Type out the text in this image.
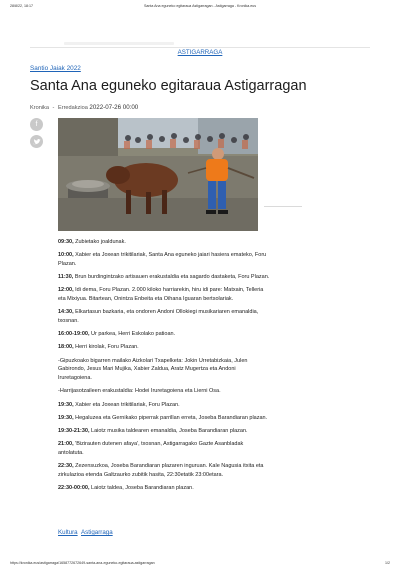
28/8/22, 18:17	Santa Ana eguneko egitaraua Astigarragan - Astigarraga - Kronika.eus
ASTIGARRAGA
Santio Jaiak 2022
Santa Ana eguneko egitaraua Astigarragan
Kronika - Erredakzioa 2022-07-26 00:00
f

09:30, Zubietako joaldunak.

10:00, Xabier eta Joxean trikitilariak, Santa Ana eguneko jaiari hasiera emateko, Foru Plazan.

11:30, Brun burdingintzako artisauen erakustaldia eta sagardo dastaketa, Foru Plazan.

12:00, Idi dema, Foru Plazan. 2.000 kiloko harriarekin, hiru idi pare: Matxain, Telleria eta Mixiyua. Bitartean, Onintza Enbeita eta Oihana Iguaran bertsolariak.

14:30, Elkartasun bazkaria, eta ondoren Andoni Ollokiegi musikariaren emanaldia, txosnan.

16:00-19:00, Ur parkea, Herri Eskolako patioan.

18:00, Herri kirolak, Foru Plazan.

-Gipuzkoako bigarren mailako Aizkolari Txapelketa: Jokin Urretabizkaia, Julen Gabirondo, Jesus Mari Mujika, Xabier Zaldua, Aratz Mugertza eta Andoni Iruretagoiena.

-Harrijasotzaileen erakustaldia: Hodei Iruretagoiena eta Lierni Osa.

19:30, Xabier eta Joxean trikitilariak, Foru Plazan.

19:30, Hegaluzea eta Gernikako piperrak parrillan erreta, Joseba Barandiaran plazan.

19:30-21:30, Laiotz musika taldearen emanaldia, Joseba Barandiaran plazan.

21:00, 'Bizirauten dutenen afaya', txosnan, Astigarragako Gazte Asanbladak antolatuta.

22:30, Zezensuzkoa, Joseba Barandiaran plazaren inguruan. Kale Nagusia itxita eta zirkulazioa etenda Galtzaurko zubitik hasita, 22:30etatik 23:00etara.

22:30-00:00, Laiotz taldea, Joseba Barandiaran plazan.

Kultura Astigarraga
https://kronika.eus/astigarraga/1658772672649-santa-ana-eguneko-egitaraua-astigarragan	1/2
